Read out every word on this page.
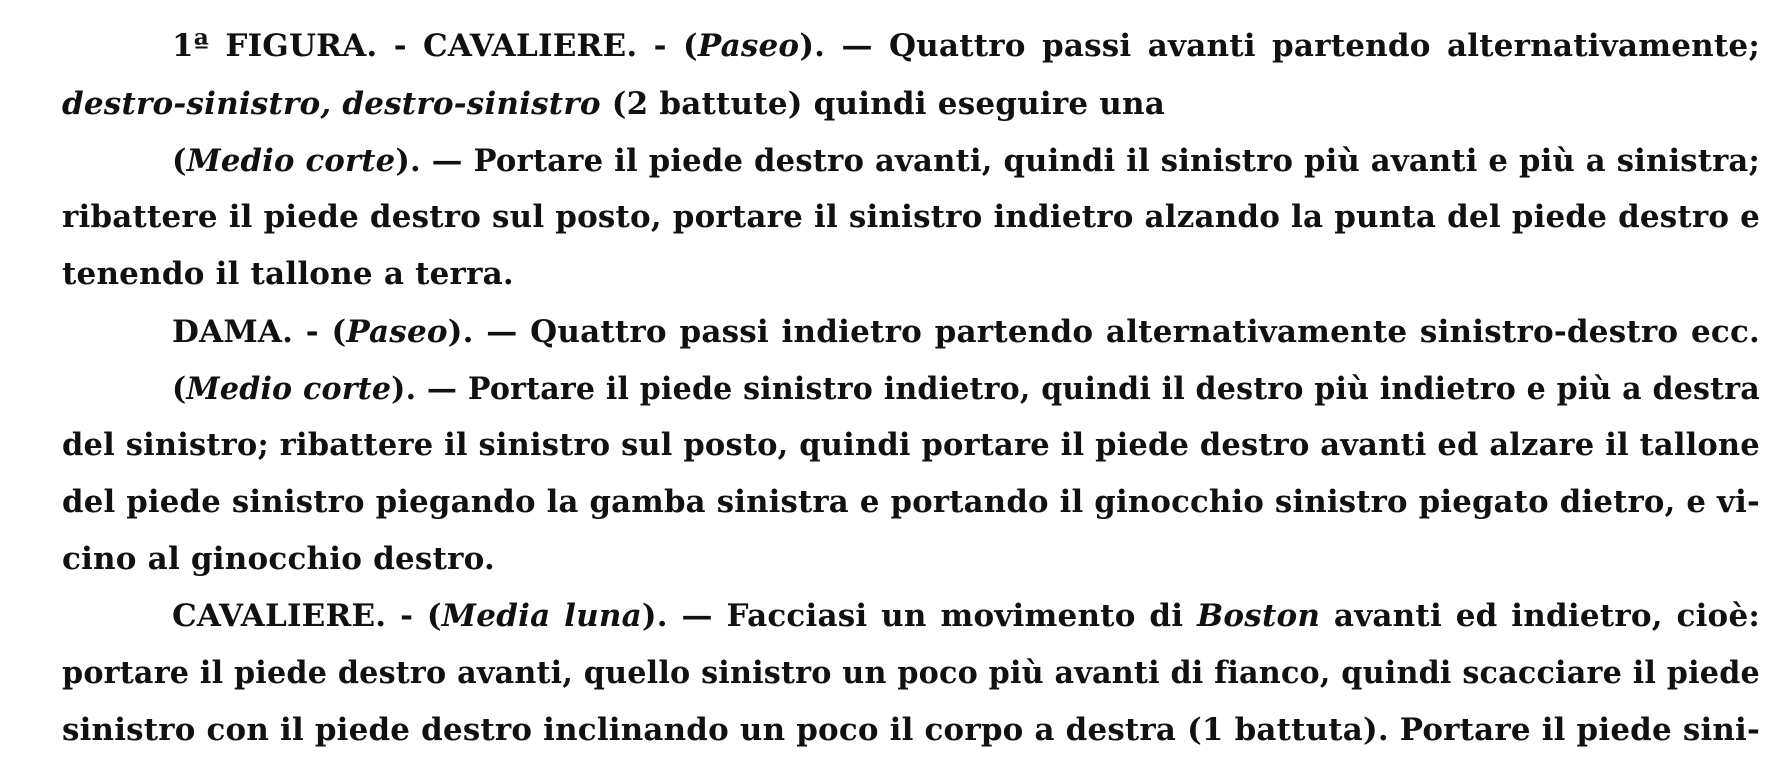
1ª FIGURA. - CAVALIERE. - (Paseo). — Quattro passi avanti partendo alternativamente;
destro-sinistro, destro-sinistro (2 battute) quindi eseguire una
(Medio corte). — Portare il piede destro avanti, quindi il sinistro più avanti e più a sinistra;
ribattere il piede destro sul posto, portare il sinistro indietro alzando la punta del piede destro e
tenendo il tallone a terra.
DAMA. - (Paseo). — Quattro passi indietro partendo alternativamente sinistro-destro ecc.
(Medio corte). — Portare il piede sinistro indietro, quindi il destro più indietro e più a destra
del sinistro; ribattere il sinistro sul posto, quindi portare il piede destro avanti ed alzare il tallone
del piede sinistro piegando la gamba sinistra e portando il ginocchio sinistro piegato dietro, e vi-
cino al ginocchio destro.
CAVALIERE. - (Media luna). — Facciasi un movimento di Boston avanti ed indietro, cioè:
portare il piede destro avanti, quello sinistro un poco più avanti di fianco, quindi scacciare il piede
sinistro con il piede destro inclinando un poco il corpo a destra (1 battuta). Portare il piede sini-
